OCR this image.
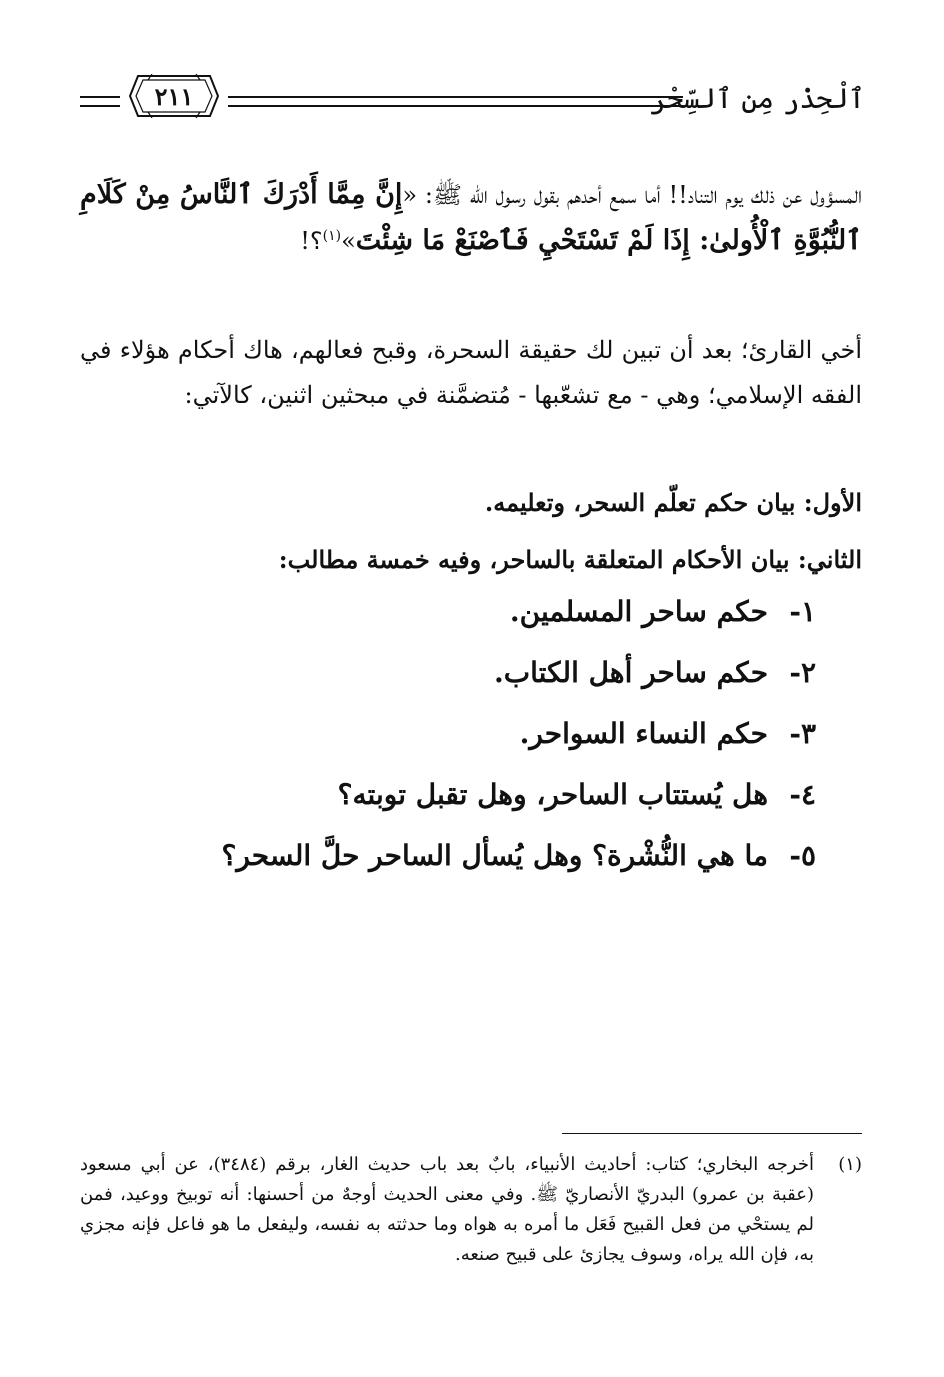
ٱلْحِذْر مِن ٱلسِّحْر
٢١١
المسؤول عن ذلك يوم التناد!! أما سمع أحدهم بقول رسول الله ﷺ: «إِنَّ مِمَّا أَدْرَكَ ٱلنَّاسُ مِنْ كَلَامِ ٱلنُّبُوَّةِ ٱلْأُولىٰ: إِذَا لَمْ تَسْتَحْيِ فَٱصْنَعْ مَا شِئْتَ»$^{(١)}$؟!
أخي القارئ؛ بعد أن تبين لك حقيقة السحرة، وقبح فعالهم، هاك أحكام هؤلاء في الفقه الإسلامي؛ وهي - مع تشعّبها - مُتضمَّنة في مبحثين اثنين، كالآتي:
الأول: بيان حكم تعلّم السحر، وتعليمه.
الثاني: بيان الأحكام المتعلقة بالساحر، وفيه خمسة مطالب:
١-
حكم ساحر المسلمين.
٢-
حكم ساحر أهل الكتاب.
٣-
حكم النساء السواحر.
٤-
هل يُستتاب الساحر، وهل تقبل توبته؟
٥-
ما هي النُّشْرة؟ وهل يُسأل الساحر حلَّ السحر؟
(١)
أخرجه البخاري؛ كتاب: أحاديث الأنبياء، بابٌ بعد باب حديث الغار، برقم (٣٤٨٤)، عن أبي مسعود (عقبة بن عمرو) البدريّ الأنصاريّ ﷺ. وفي معنى الحديث أوجهٌ من أحسنها: أنه توبيخ ووعيد، فمن لم يستحْي من فعل القبيح فَعَل ما أمره به هواه وما حدثته به نفسه، وليفعل ما هو فاعل فإنه مجزي به، فإن الله يراه، وسوف يجازئ على قبيح صنعه.
